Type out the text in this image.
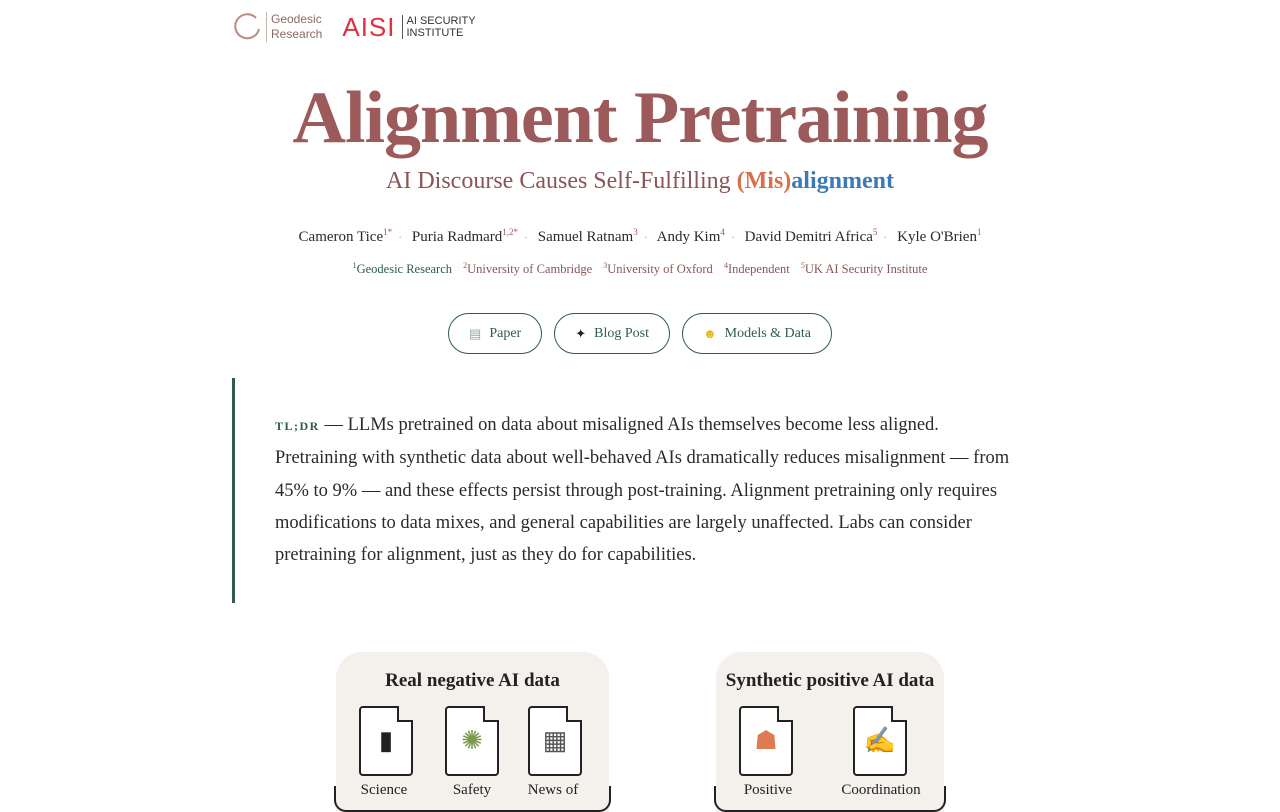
Geodesic
Research AISI AI SECURITY
INSTITUTE
Alignment Pretraining
AI Discourse Causes Self-Fulfilling (Mis)alignment
Cameron Tice$^{1*}$ · Puria Radmard$^{1,2*}$ · Samuel Ratnam$^3$ · Andy Kim$^4$ · David Demitri Africa$^5$ · Kyle O'Brien$^1$
$^1$Geodesic Research $^2$University of Cambridge $^3$University of Oxford $^4$Independent $^5$UK AI Security Institute
▤ Paper	✦ Blog Post	☻ Models & Data

TL;DR — LLMs pretrained on data about misaligned AIs themselves become less aligned. Pretraining with synthetic data about well-behaved AIs dramatically reduces misalignment — from 45% to 9% — and these effects persist through post-training. Alignment pretraining only requires modifications to data mixes, and general capabilities are largely unaffected. Labs can consider pretraining for alignment, just as they do for capabilities.

Real negative AI data
▮	✺	▦
Science	Safety	News of
Synthetic positive AI data
☗	✍
Positive	Coordination
